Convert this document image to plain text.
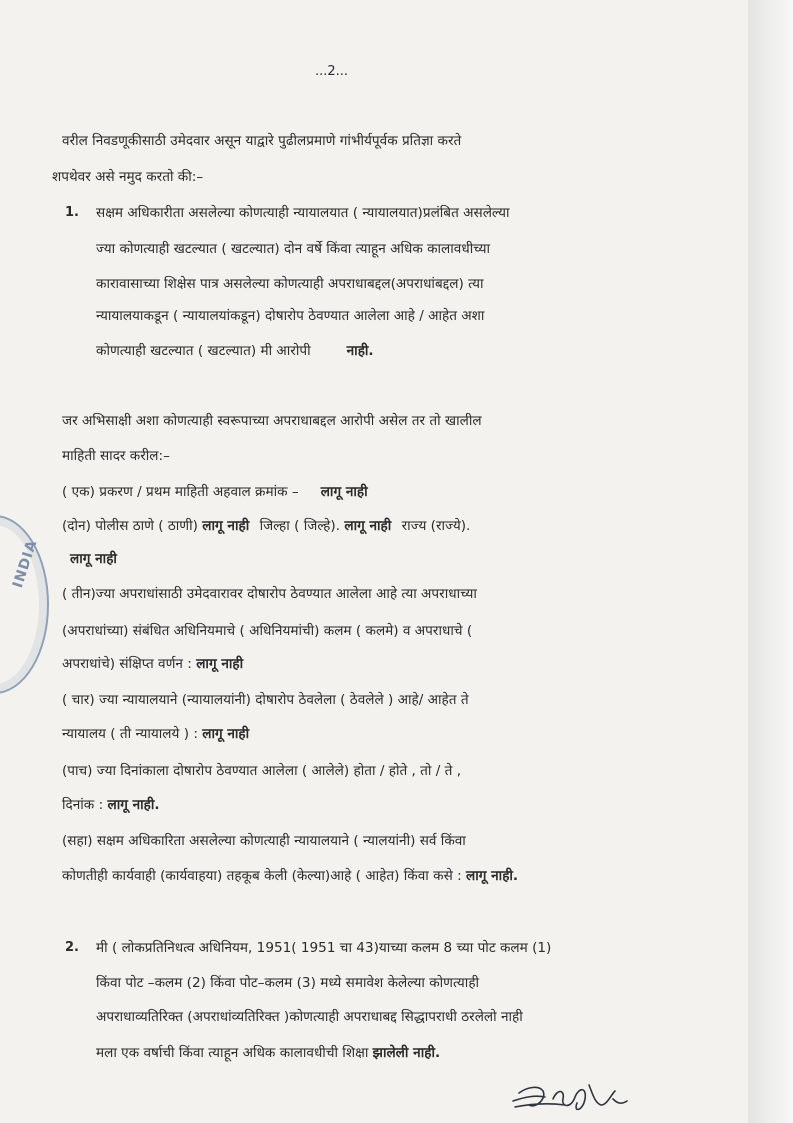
...2...
INDIA
वरील निवडणूकीसाठी उमेदवार असून याद्वारे पुढीलप्रमाणे गांभीर्यपूर्वक प्रतिज्ञा करते
शपथेवर असे नमुद करतो की:–
1. सक्षम अधिकारीता असलेल्या कोणत्याही न्यायालयात ( न्यायालयात)प्रलंबित असलेल्या
ज्या कोणत्याही खटल्यात ( खटल्यात) दोन वर्षे किंवा त्याहून अधिक कालावधीच्या
कारावासाच्या शिक्षेस पात्र असलेल्या कोणत्याही अपराधाबद्दल(अपराधांबद्दल) त्या
न्यायालयाकडून ( न्यायालयांकडून) दोषारोप ठेवण्यात आलेला आहे / आहेत अशा
कोणत्याही खटल्यात ( खटल्यात) मी आरोपी	नाही.
जर अभिसाक्षी अशा कोणत्याही स्वरूपाच्या अपराधाबद्दल आरोपी असेल तर तो खालील
माहिती सादर करील:–
( एक) प्रकरण / प्रथम माहिती अहवाल क्रमांक – लागू नाही
(दोन) पोलीस ठाणे ( ठाणी) लागू नाही जिल्हा ( जिल्हे). लागू नाही राज्य (राज्ये).
लागू नाही
( तीन)ज्या अपराधांसाठी उमेदवारावर दोषारोप ठेवण्यात आलेला आहे त्या अपराधाच्या
(अपराधांच्या) संबंधित अधिनियमाचे ( अधिनियमांची) कलम ( कलमे) व अपराधाचे (
अपराधांचे) संक्षिप्त वर्णन : लागू नाही
( चार) ज्या न्यायालयाने (न्यायालयांनी) दोषारोप ठेवलेला ( ठेवलेले ) आहे/ आहेत ते
न्यायालय ( ती न्यायालये ) : लागू नाही
(पाच) ज्या दिनांकाला दोषारोप ठेवण्यात आलेला ( आलेले) होता / होते , तो / ते ,
दिनांक : लागू नाही.
(सहा) सक्षम अधिकारिता असलेल्या कोणत्याही न्यायालयाने ( न्यालयांनी) सर्व किंवा
कोणतीही कार्यवाही (कार्यवाहया) तहकूब केली (केल्या)आहे ( आहेत) किंवा कसे : लागू नाही.
2. मी ( लोकप्रतिनिधत्व अधिनियम, 1951( 1951 चा 43)याच्या कलम 8 च्या पोट कलम (1)
किंवा पोट –कलम (2) किंवा पोट–कलम (3) मध्ये समावेश केलेल्या कोणत्याही
अपराधाव्यतिरिक्त (अपराधांव्यतिरिक्त )कोणत्याही अपराधाबद्द सिद्धापराधी ठरलेलो नाही
मला एक वर्षाची किंवा त्याहून अधिक कालावधीची शिक्षा झालेली नाही.
